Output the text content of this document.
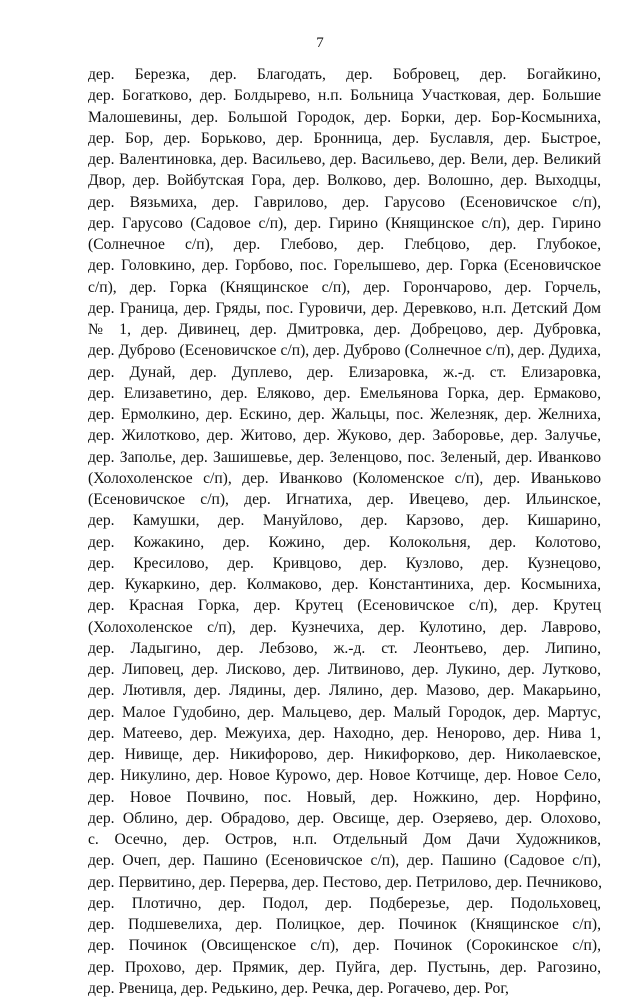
7
дер. Березка, дер. Благодать, дер. Бобровец, дер. Богайкино,
дер. Богатково, дер. Болдырево, н.п. Больница Участковая, дер. Большие
Малошевины, дер. Большой Городок, дер. Борки, дер. Бор-Космыниха,
дер. Бор, дер. Борьково, дер. Бронница, дер. Буславля, дер. Быстрое,
дер. Валентиновка, дер. Васильево, дер. Васильево, дер. Вели, дер. Великий
Двор, дер. Войбутская Гора, дер. Волково, дер. Волошно, дер. Выходцы,
дер. Вязьмиха, дер. Гаврилово, дер. Гарусово (Есеновичское с/п),
дер. Гарусово (Садовое с/п), дер. Гирино (Княщинское с/п), дер. Гирино
(Солнечное с/п), дер. Глебово, дер. Глебцово, дер. Глубокое,
дер. Головкино, дер. Горбово, пос. Горелышево, дер. Горка (Есеновичское
с/п), дер. Горка (Княщинское с/п), дер. Горончарово, дер. Горчель,
дер. Граница, дер. Гряды, пос. Гуровичи, дер. Деревково, н.п. Детский Дом
№ 1, дер. Дивинец, дер. Дмитровка, дер. Добрецово, дер. Дубровка,
дер. Дуброво (Есеновичское с/п), дер. Дуброво (Солнечное с/п), дер. Дудиха,
дер. Дунай, дер. Дуплево, дер. Елизаровка, ж.-д. ст. Елизаровка,
дер. Елизаветино, дер. Еляково, дер. Емельянова Горка, дер. Ермаково,
дер. Ермолкино, дер. Ескино, дер. Жальцы, пос. Железняк, дер. Желниха,
дер. Жилотково, дер. Житово, дер. Жуково, дер. Заборовье, дер. Залучье,
дер. Заполье, дер. Зашишевье, дер. Зеленцово, пос. Зеленый, дер. Иванково
(Холохоленское с/п), дер. Иванково (Коломенское с/п), дер. Иваньково
(Есеновичское с/п), дер. Игнатиха, дер. Ивецево, дер. Ильинское,
дер. Камушки, дер. Мануйлово, дер. Карзово, дер. Кишарино,
дер. Кожакино, дер. Кожино, дер. Колокольня, дер. Колотово,
дер. Кресилово, дер. Кривцово, дер. Кузлово, дер. Кузнецово,
дер. Кукаркино, дер. Колмаково, дер. Константиниха, дер. Космыниха,
дер. Красная Горка, дер. Крутец (Есеновичское с/п), дер. Крутец
(Холохоленское с/п), дер. Кузнечиха, дер. Кулотино, дер. Лаврово,
дер. Ладыгино, дер. Лебзово, ж.-д. ст. Леонтьево, дер. Липино,
дер. Липовец, дер. Лисково, дер. Литвиново, дер. Лукино, дер. Лутково,
дер. Лютивля, дер. Лядины, дер. Лялино, дер. Мазово, дер. Макарьино,
дер. Малое Гудобино, дер. Мальцево, дер. Малый Городок, дер. Мартус,
дер. Матеево, дер. Межуиха, дер. Находно, дер. Ненорово, дер. Нива 1,
дер. Нивище, дер. Никифорово, дер. Никифорково, дер. Николаевское,
дер. Никулино, дер. Новое Куроwо, дер. Новое Котчище, дер. Новое Село,
дер. Новое Почвино, пос. Новый, дер. Ножкино, дер. Норфино,
дер. Облино, дер. Обрадово, дер. Овсище, дер. Озеряево, дер. Олохово,
с. Осечно, дер. Остров, н.п. Отдельный Дом Дачи Художников,
дер. Очеп, дер. Пашино (Есеновичское с/п), дер. Пашино (Садовое с/п),
дер. Первитино, дер. Перерва, дер. Пестово, дер. Петрилово, дер. Печниково,
дер. Плотично, дер. Подол, дер. Подберезье, дер. Подольховец,
дер. Подшевелиха, дер. Полицкое, дер. Починок (Княщинское с/п),
дер. Починок (Овсищенское с/п), дер. Починок (Сорокинское с/п),
дер. Прохово, дер. Прямик, дер. Пуйга, дер. Пустынь, дер. Рагозино,
дер. Рвеница, дер. Редькино, дер. Речка, дер. Рогачево, дер. Рог,
